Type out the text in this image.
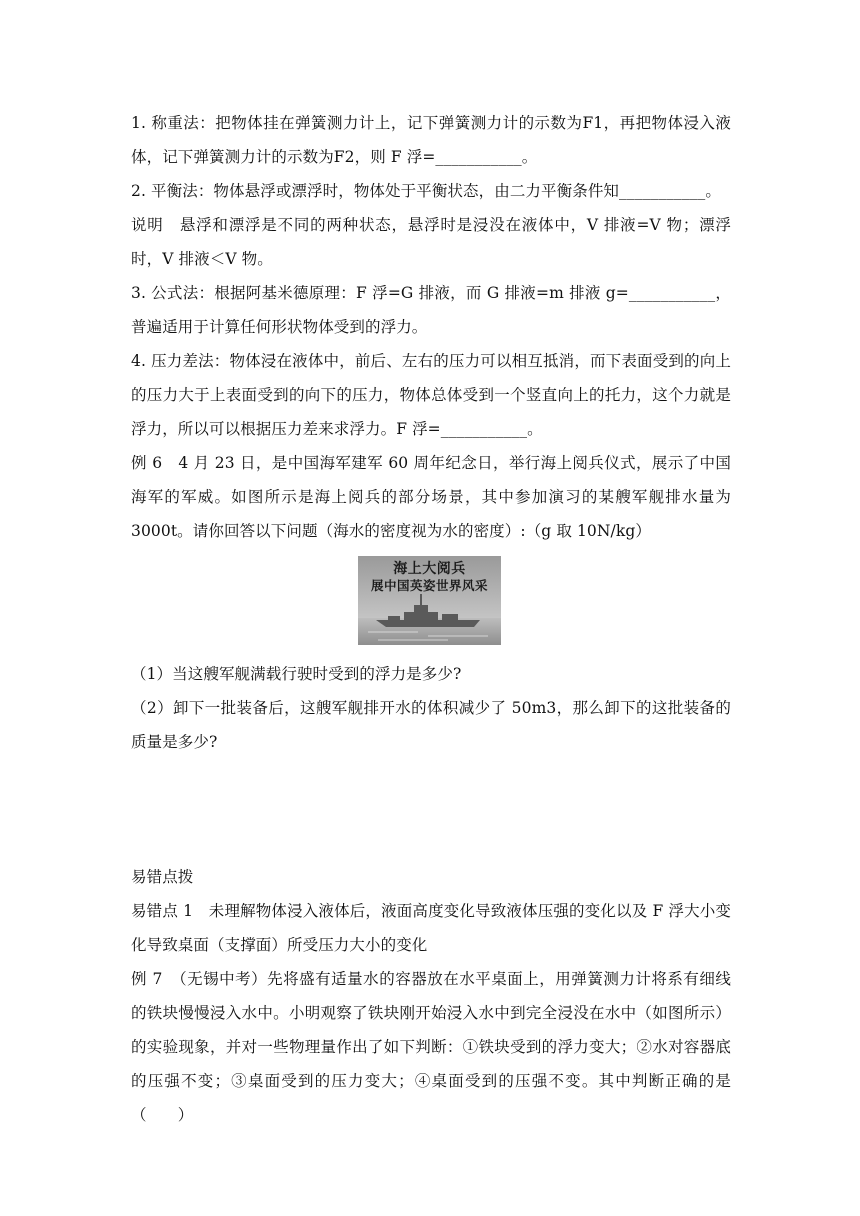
1. 称重法：把物体挂在弹簧测力计上，记下弹簧测力计的示数为F1，再把物体浸入液体，记下弹簧测力计的示数为F2，则 F 浮=___________。

2. 平衡法：物体悬浮或漂浮时，物体处于平衡状态，由二力平衡条件知___________。

说明　悬浮和漂浮是不同的两种状态，悬浮时是浸没在液体中，V 排液=V 物；漂浮时，V 排液＜V 物。

3. 公式法：根据阿基米德原理：F 浮=G 排液，而 G 排液=m 排液 g=___________，普遍适用于计算任何形状物体受到的浮力。

4. 压力差法：物体浸在液体中，前后、左右的压力可以相互抵消，而下表面受到的向上的压力大于上表面受到的向下的压力，物体总体受到一个竖直向上的托力，这个力就是浮力，所以可以根据压力差来求浮力。F 浮=___________。

例 6　4 月 23 日，是中国海军建军 60 周年纪念日，举行海上阅兵仪式，展示了中国海军的军威。如图所示是海上阅兵的部分场景，其中参加演习的某艘军舰排水量为 3000t。请你回答以下问题（海水的密度视为水的密度）:（g 取 10N/kg）

海上大阅兵
展中国英姿世界风采

（1）当这艘军舰满载行驶时受到的浮力是多少?

（2）卸下一批装备后，这艘军舰排开水的体积减少了 50m3，那么卸下的这批装备的质量是多少?

易错点拨

易错点 1　未理解物体浸入液体后，液面高度变化导致液体压强的变化以及 F 浮大小变化导致桌面（支撑面）所受压力大小的变化

例 7　（无锡中考）先将盛有适量水的容器放在水平桌面上，用弹簧测力计将系有细线的铁块慢慢浸入水中。小明观察了铁块刚开始浸入水中到完全浸没在水中（如图所示）的实验现象，并对一些物理量作出了如下判断：①铁块受到的浮力变大；②水对容器底的压强不变；③桌面受到的压力变大；④桌面受到的压强不变。其中判断正确的是（　　）
